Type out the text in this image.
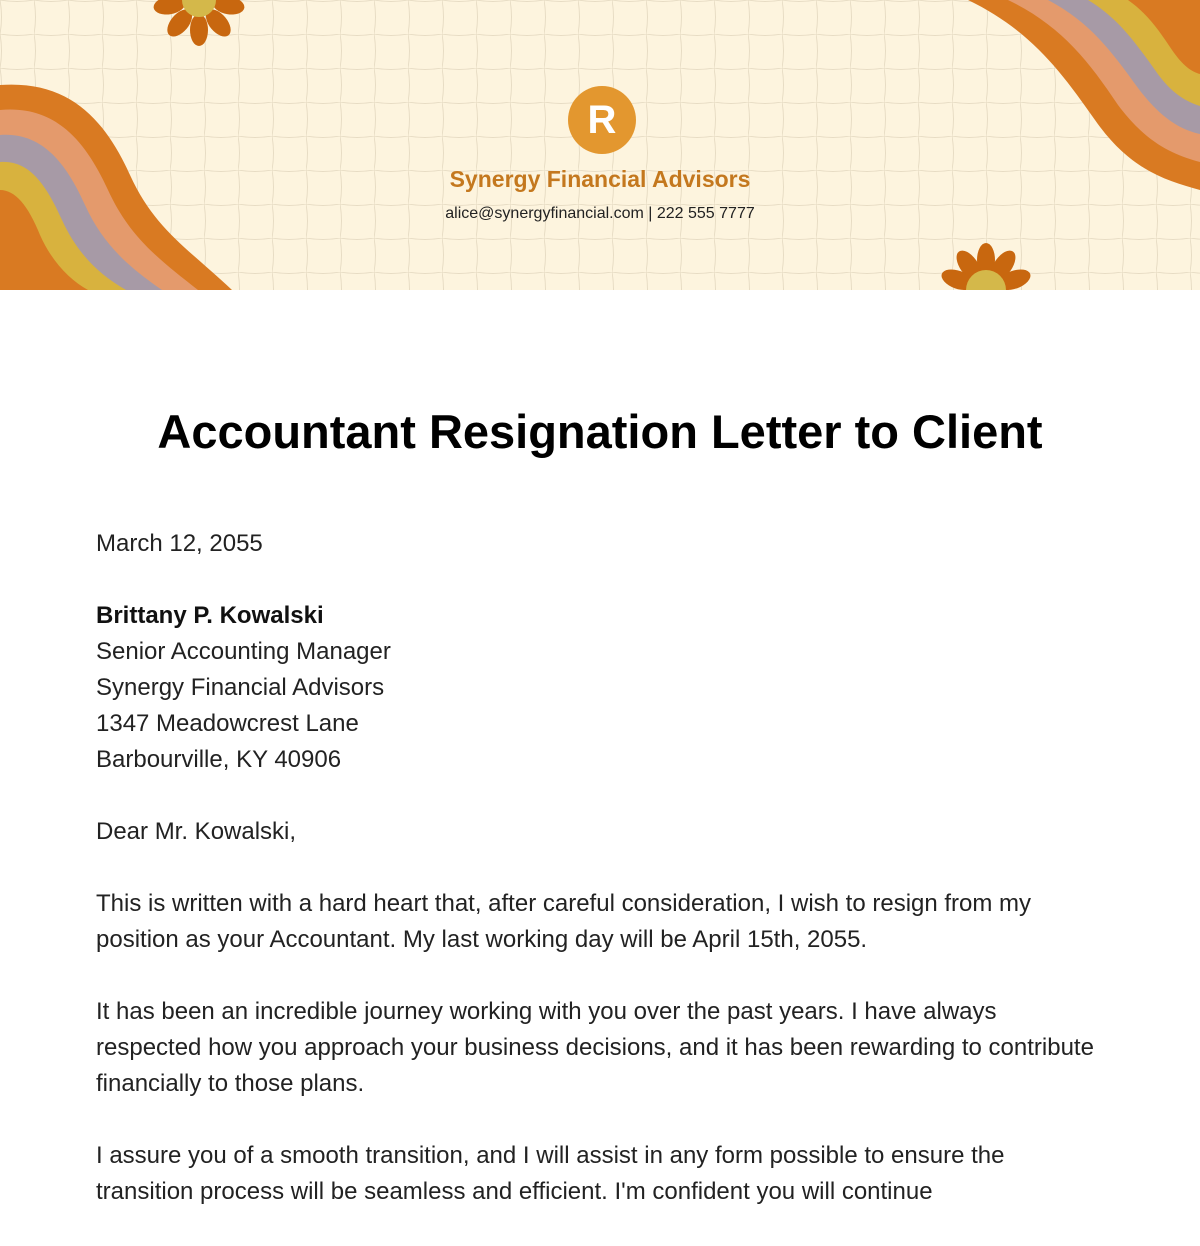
R
Synergy Financial Advisors
alice@synergyfinancial.com | 222 555 7777
Accountant Resignation Letter to Client

March 12, 2055

Brittany P. Kowalski
Senior Accounting Manager
Synergy Financial Advisors
1347 Meadowcrest Lane
Barbourville, KY 40906

Dear Mr. Kowalski,

This is written with a hard heart that, after careful consideration, I wish to resign from my position as your Accountant. My last working day will be April 15th, 2055.

It has been an incredible journey working with you over the past years. I have always respected how you approach your business decisions, and it has been rewarding to contribute financially to those plans.

I assure you of a smooth transition, and I will assist in any form possible to ensure the transition process will be seamless and efficient. I'm confident you will continue
